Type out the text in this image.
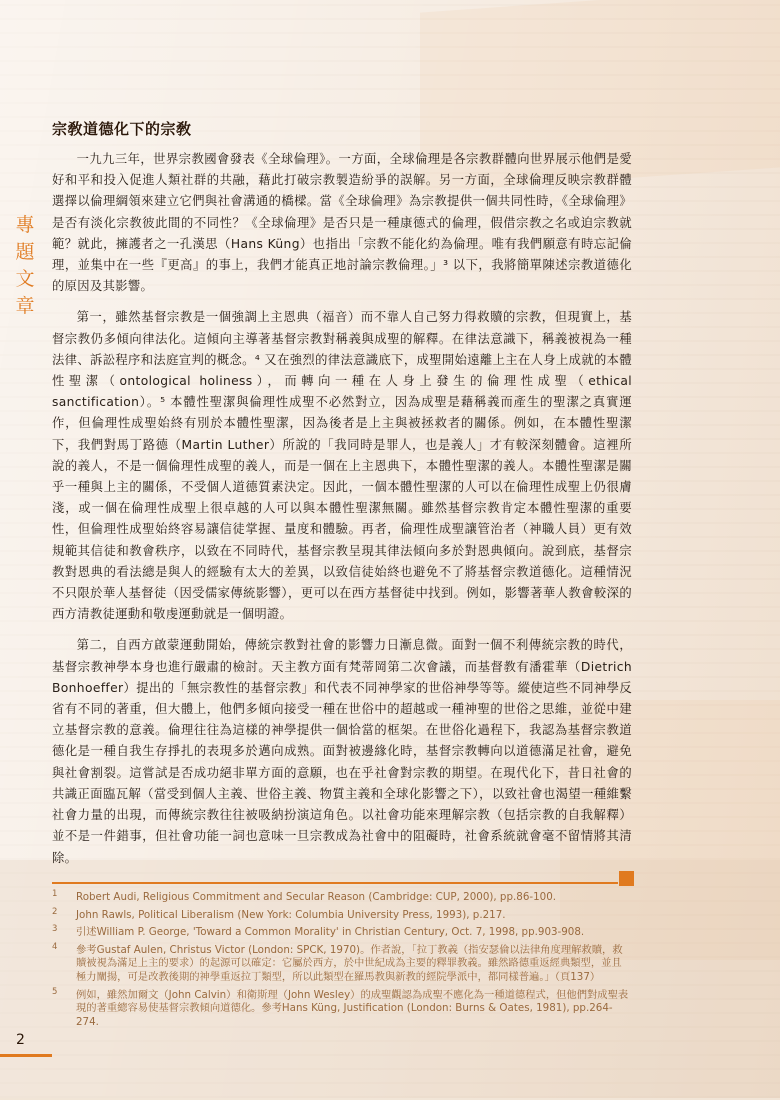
專
題
文
章
宗敎道德化下的宗敎

一九九三年，世界宗教國會發表《全球倫理》。一方面，全球倫理是各宗教群體向世界展示他們是愛好和平和投入促進人類社群的共融，藉此打破宗教製造紛爭的誤解。另一方面，全球倫理反映宗教群體選擇以倫理綱領來建立它們與社會溝通的橋樑。當《全球倫理》為宗教提供一個共同性時，《全球倫理》是否有淡化宗教彼此間的不同性？《全球倫理》是否只是一種康德式的倫理，假借宗教之名或迫宗教就範？就此，擁護者之一孔漢思（Hans Küng）也指出「宗教不能化約為倫理。唯有我們願意有時忘記倫理，並集中在一些『更高』的事上，我們才能真正地討論宗教倫理。」³ 以下，我將簡單陳述宗教道德化的原因及其影響。

第一，雖然基督宗教是一個強調上主恩典（福音）而不靠人自己努力得救贖的宗教，但現實上，基督宗教仍多傾向律法化。這傾向主導著基督宗教對稱義與成聖的解釋。在律法意識下，稱義被視為一種法律、訴訟程序和法庭宣判的概念。⁴ 又在強烈的律法意識底下，成聖開始遠離上主在人身上成就的本體性聖潔（ontological holiness），而轉向一種在人身上發生的倫理性成聖（ethical sanctification）。⁵ 本體性聖潔與倫理性成聖不必然對立，因為成聖是藉稱義而產生的聖潔之真實運作，但倫理性成聖始終有別於本體性聖潔，因為後者是上主與被拯救者的關係。例如，在本體性聖潔下，我們對馬丁路德（Martin Luther）所說的「我同時是罪人，也是義人」才有較深刻體會。這裡所說的義人，不是一個倫理性成聖的義人，而是一個在上主恩典下，本體性聖潔的義人。本體性聖潔是關乎一種與上主的關係，不受個人道德質素決定。因此，一個本體性聖潔的人可以在倫理性成聖上仍很膚淺，或一個在倫理性成聖上很卓越的人可以與本體性聖潔無關。雖然基督宗教肯定本體性聖潔的重要性，但倫理性成聖始終容易讓信徒掌握、量度和體驗。再者，倫理性成聖讓管治者（神職人員）更有效規範其信徒和教會秩序，以致在不同時代，基督宗教呈現其律法傾向多於對恩典傾向。說到底，基督宗教對恩典的看法總是與人的經驗有太大的差異，以致信徒始終也避免不了將基督宗教道德化。這種情況不只限於華人基督徒（因受儒家傳統影響），更可以在西方基督徒中找到。例如，影響著華人教會較深的西方清教徒運動和敬虔運動就是一個明證。

第二，自西方啟蒙運動開始，傳統宗教對社會的影響力日漸息微。面對一個不利傳統宗教的時代，基督宗教神學本身也進行嚴肅的檢討。天主教方面有梵蒂岡第二次會議，而基督教有潘霍華（Dietrich Bonhoeffer）提出的「無宗教性的基督宗教」和代表不同神學家的世俗神學等等。縱使這些不同神學反省有不同的著重，但大體上，他們多傾向接受一種在世俗中的超越或一種神聖的世俗之思維，並從中建立基督宗教的意義。倫理往往為這樣的神學提供一個恰當的框架。在世俗化過程下，我認為基督宗教道德化是一種自我生存掙扎的表現多於邁向成熟。面對被邊緣化時，基督宗教轉向以道德滿足社會，避免與社會割裂。這嘗試是否成功絕非單方面的意願，也在乎社會對宗教的期望。在現代化下，昔日社會的共識正面臨瓦解（當受到個人主義、世俗主義、物質主義和全球化影響之下），以致社會也渴望一種維繫社會力量的出現，而傳統宗教往往被吸納扮演這角色。以社會功能來理解宗教（包括宗教的自我解釋）並不是一件錯事，但社會功能一詞也意味一旦宗教成為社會中的阻礙時，社會系統就會毫不留情將其清除。

1 Robert Audi, Religious Commitment and Secular Reason (Cambridge: CUP, 2000), pp.86-100.
2 John Rawls, Political Liberalism (New York: Columbia University Press, 1993), p.217.
3 引述William P. George, 'Toward a Common Morality' in Christian Century, Oct. 7, 1998, pp.903-908.
4 參考Gustaf Aulen, Christus Victor (London: SPCK, 1970)。作者說，「拉丁教義（指安瑟倫以法律角度理解救贖，救贖被視為滿足上主的要求）的起源可以確定：它屬於西方，於中世紀成為主要的釋罪教義。雖然路德重返經典類型，並且極力闡揚，可是改教後期的神學重返拉丁類型，所以此類型在羅馬教與新教的經院學派中，都同樣普遍。」（頁137）
5 例如，雖然加爾文（John Calvin）和衛斯理（John Wesley）的成聖觀認為成聖不應化為一種道德程式，但他們對成聖表現的著重總容易使基督宗教傾向道德化。參考Hans Küng, Justification (London: Burns & Oates, 1981), pp.264-274.
2
